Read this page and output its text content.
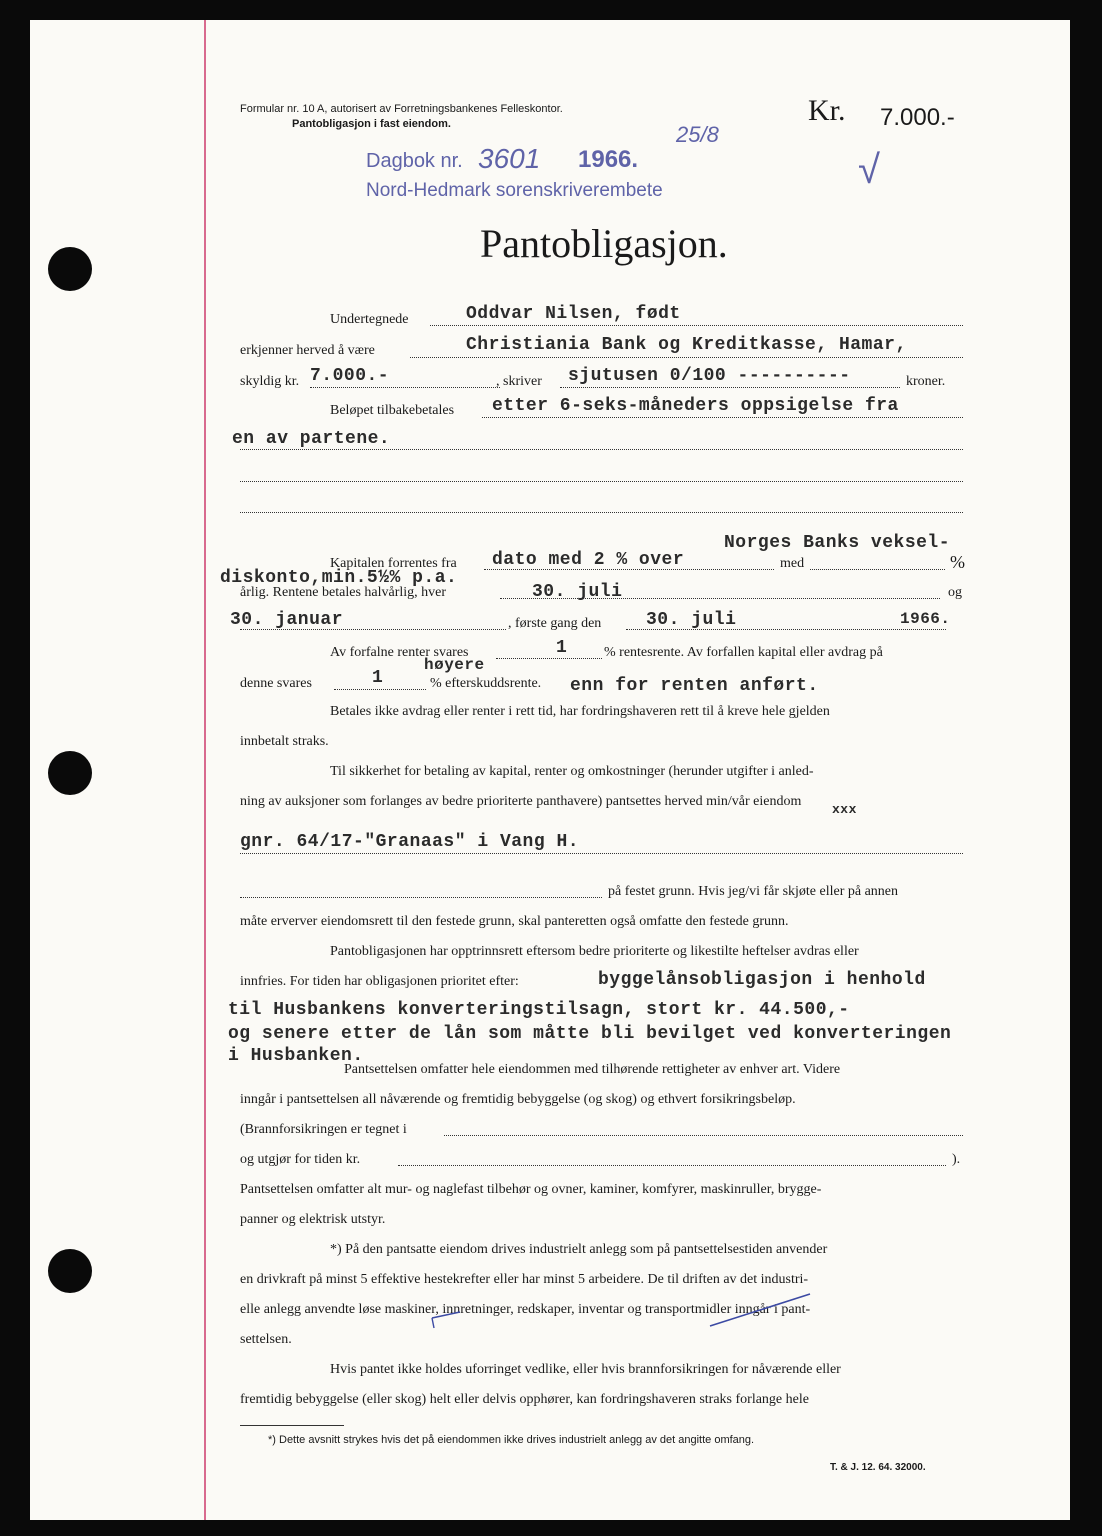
Formular nr. 10 A, autorisert av Forretningsbankenes Felleskontor.
Pantobligasjon i fast eiendom.	Kr. 7.000.-
Dagbok nr. 3601 1966.
25/8
Nord-Hedmark sorenskriverembete	√
Pantobligasjon.
Undertegnede	Oddvar Nilsen, født
erkjenner herved å være	Christiania Bank og Kreditkasse, Hamar,
skyldig kr. 7.000.-	, skriver sjutusen 0/100 ----------	kroner.
Beløpet tilbakebetales etter 6-seks-måneders oppsigelse fra
en av partene.
Norges Banks veksel-
Kapitalen forrentes fra dato med 2 % over	med	%
diskonto,min.5½% p.a.
årlig. Rentene betales halvårlig, hver	30. juli	og
30. januar	, første gang den 30. juli	1966.
Av forfalne renter svares	1	% rentesrente. Av forfallen kapital eller avdrag på
høyere
denne svares	1	% efterskuddsrente. enn for renten anført.
Betales ikke avdrag eller renter i rett tid, har fordringshaveren rett til å kreve hele gjelden
innbetalt straks.
Til sikkerhet for betaling av kapital, renter og omkostninger (herunder utgifter i anled-
ning av auksjoner som forlanges av bedre prioriterte panthavere) pantsettes herved min/vår eiendom
xxx
gnr. 64/17-"Granaas" i Vang H.
på festet grunn. Hvis jeg/vi får skjøte eller på annen
måte erverver eiendomsrett til den festede grunn, skal panteretten også omfatte den festede grunn.
Pantobligasjonen har opptrinnsrett eftersom bedre prioriterte og likestilte heftelser avdras eller
innfries. For tiden har obligasjonen prioritet efter:	byggelånsobligasjon i henhold
til Husbankens konverteringstilsagn, stort kr. 44.500,-
og senere etter de lån som måtte bli bevilget ved konverteringen
i Husbanken.
Pantsettelsen omfatter hele eiendommen med tilhørende rettigheter av enhver art. Videre
inngår i pantsettelsen all nåværende og fremtidig bebyggelse (og skog) og ethvert forsikringsbeløp.
(Brannforsikringen er tegnet i
og utgjør for tiden kr.	).
Pantsettelsen omfatter alt mur- og naglefast tilbehør og ovner, kaminer, komfyrer, maskinruller, brygge-
panner og elektrisk utstyr.
*) På den pantsatte eiendom drives industrielt anlegg som på pantsettelsestiden anvender
en drivkraft på minst 5 effektive hestekrefter eller har minst 5 arbeidere. De til driften av det industri-
elle anlegg anvendte løse maskiner, innretninger, redskaper, inventar og transportmidler inngår i pant-
settelsen.
Hvis pantet ikke holdes uforringet vedlike, eller hvis brannforsikringen for nåværende eller
fremtidig bebyggelse (eller skog) helt eller delvis opphører, kan fordringshaveren straks forlange hele
*) Dette avsnitt strykes hvis det på eiendommen ikke drives industrielt anlegg av det angitte omfang.
T. & J. 12. 64. 32000.
